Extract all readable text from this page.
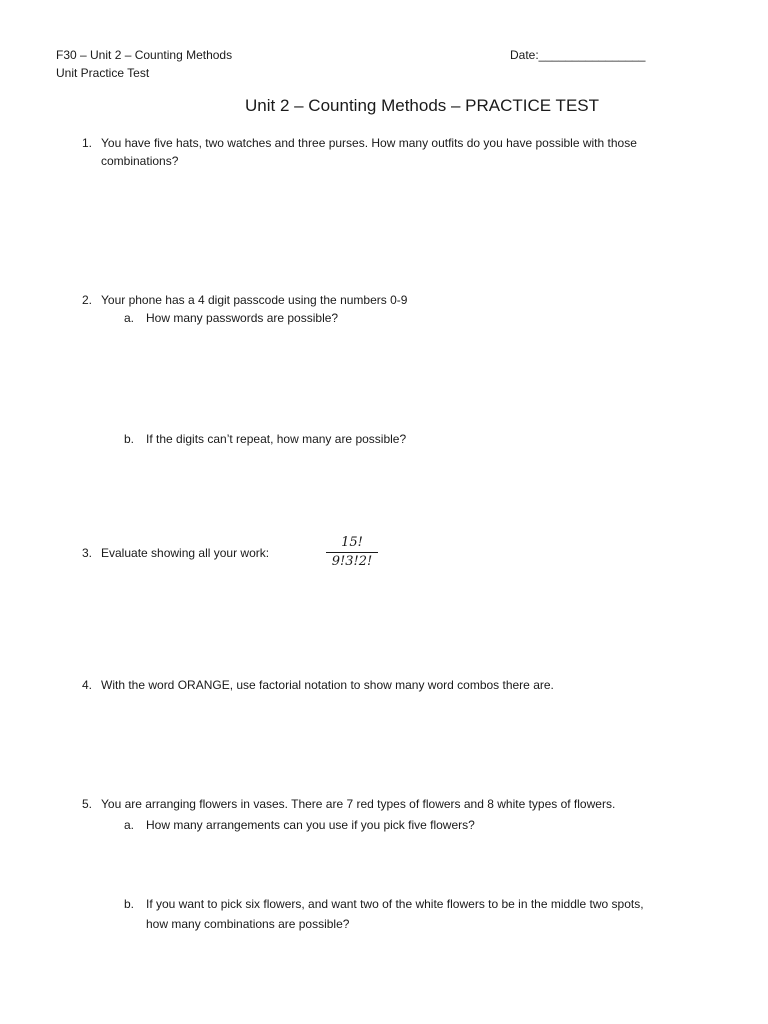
F30 – Unit 2 – Counting Methods
Unit Practice Test
Date:________________
Unit 2 – Counting Methods – PRACTICE TEST
1. You have five hats, two watches and three purses. How many outfits do you have possible with those
combinations?
2. Your phone has a 4 digit passcode using the numbers 0-9
a. How many passwords are possible?
b. If the digits can’t repeat, how many are possible?
3. Evaluate showing all your work:
15!
9!3!2!
4. With the word ORANGE, use factorial notation to show many word combos there are.
5. You are arranging flowers in vases. There are 7 red types of flowers and 8 white types of flowers.
a. How many arrangements can you use if you pick five flowers?
b. If you want to pick six flowers, and want two of the white flowers to be in the middle two spots,
how many combinations are possible?
